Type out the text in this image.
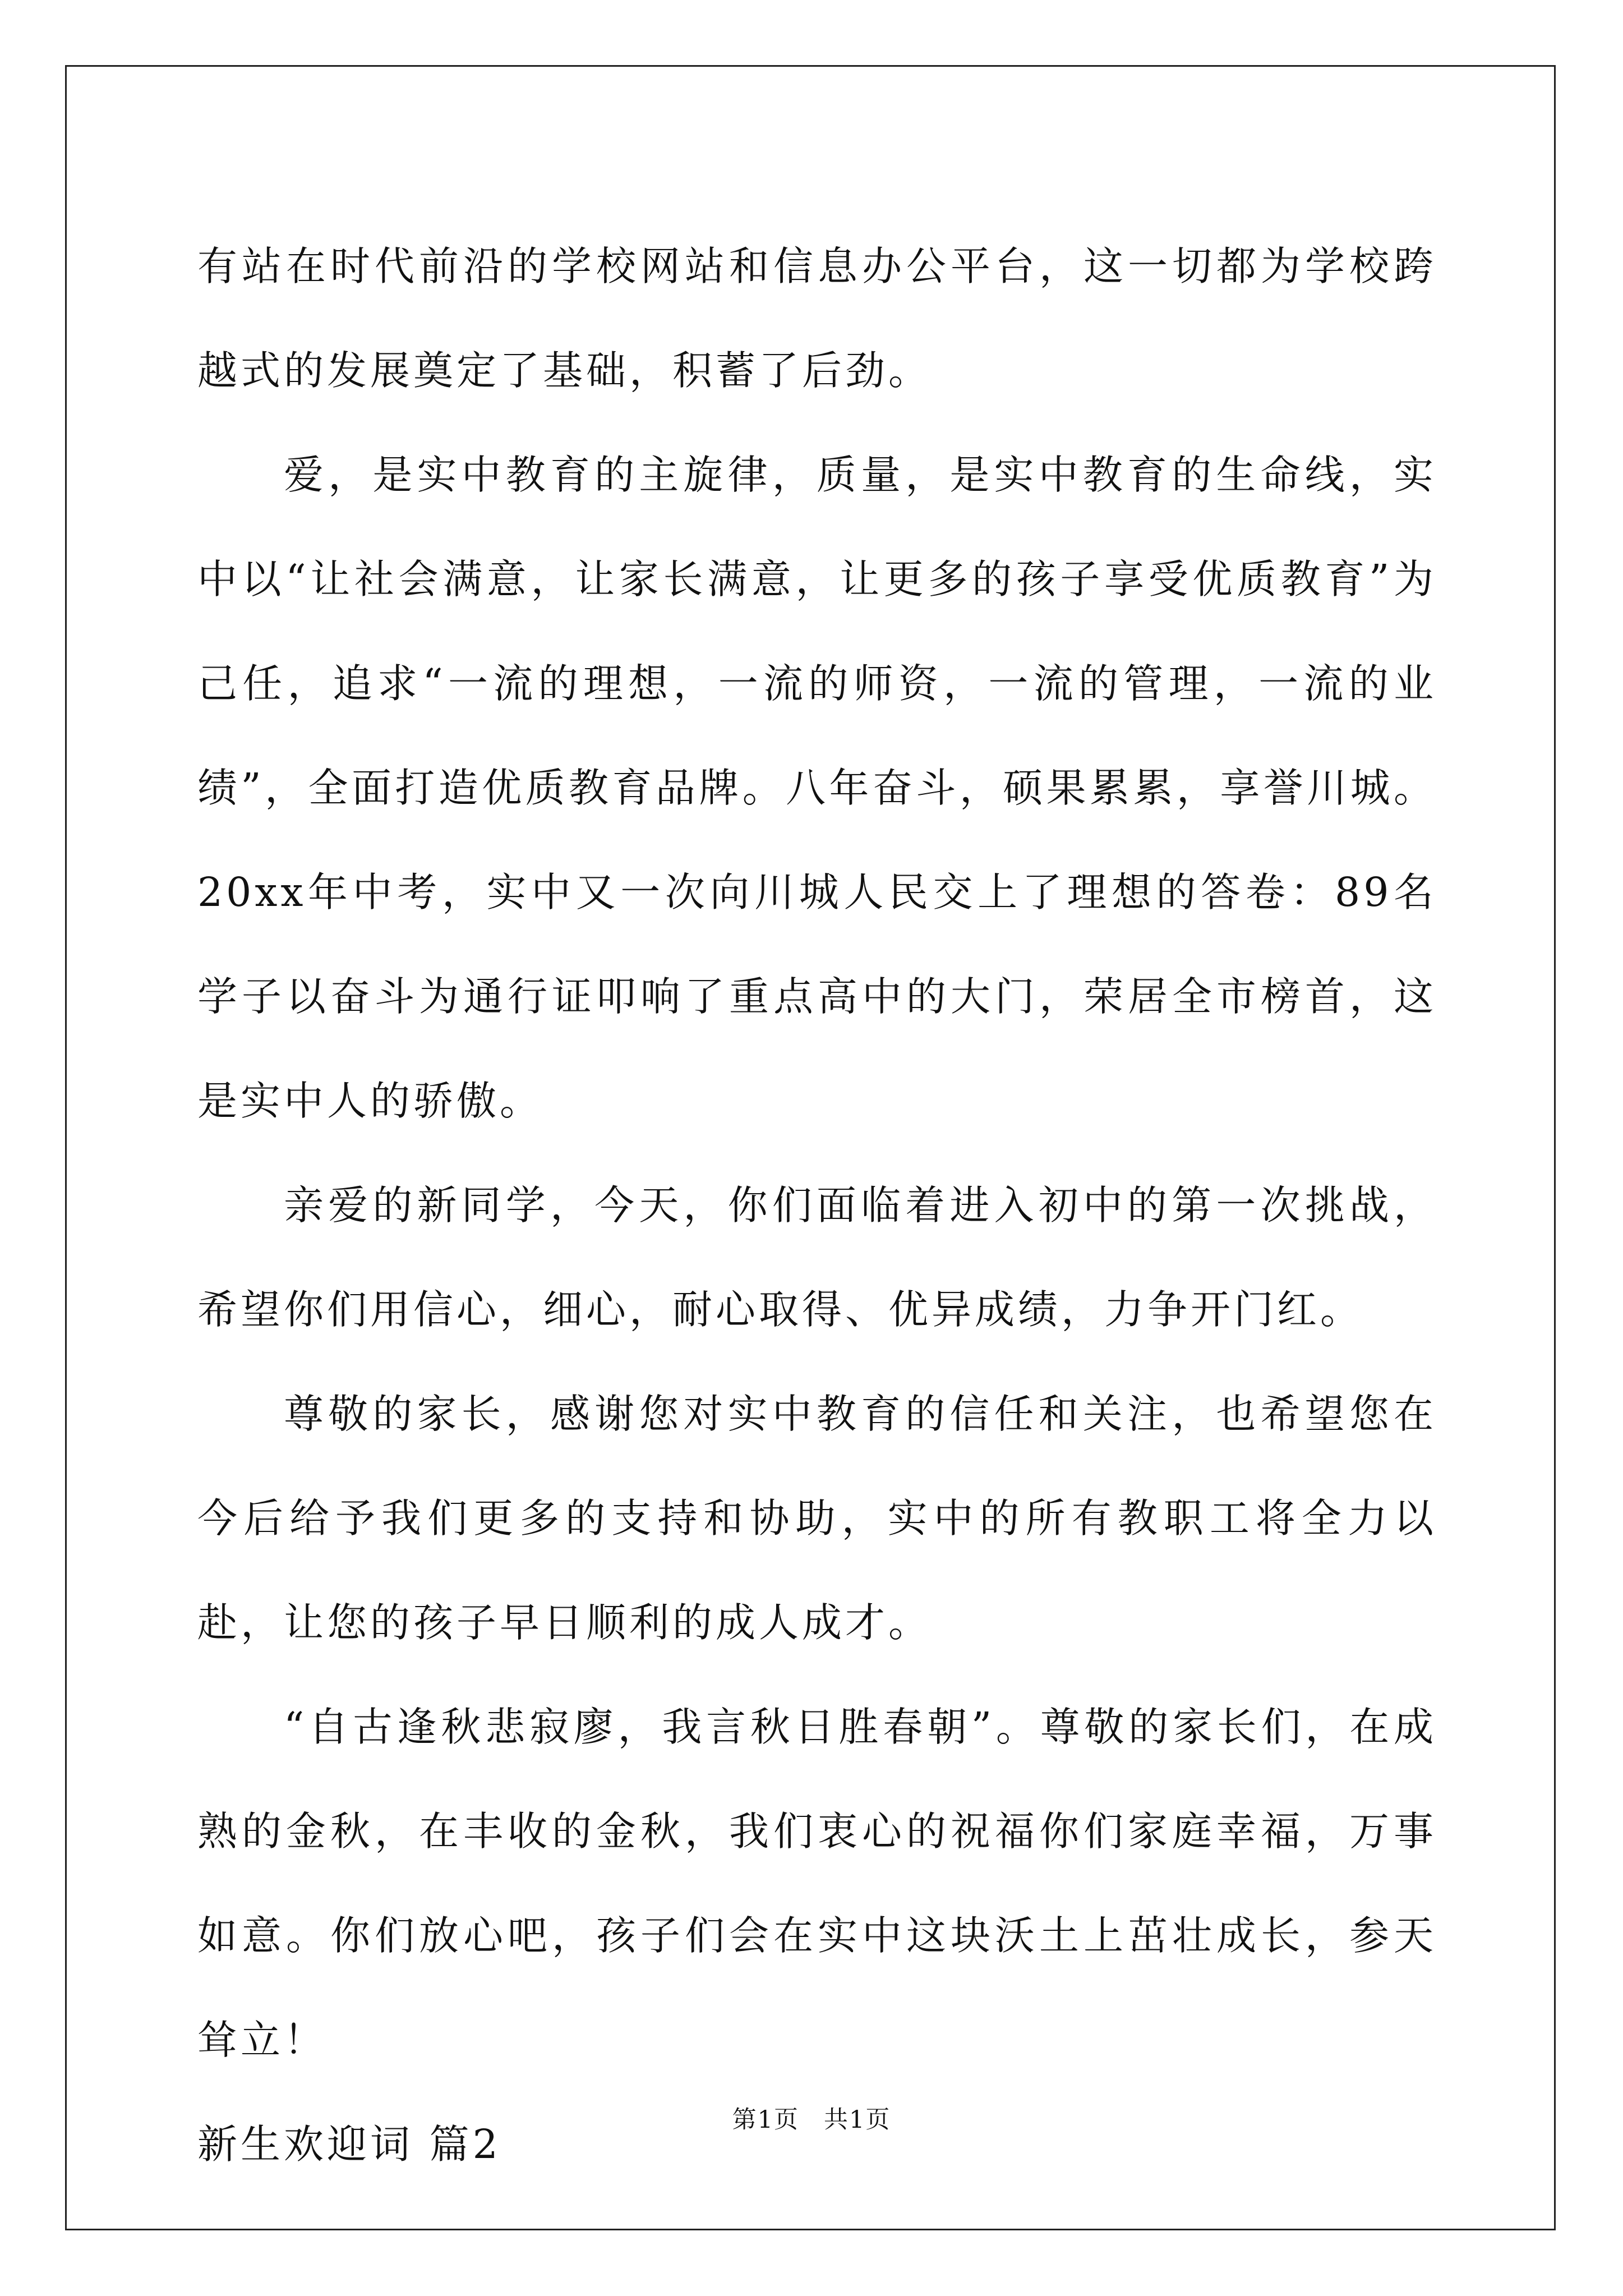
有站在时代前沿的学校网站和信息办公平台，这一切都为学校跨越式的发展奠定了基础，积蓄了后劲。

爱，是实中教育的主旋律，质量，是实中教育的生命线，实中以“让社会满意，让家长满意，让更多的孩子享受优质教育”为己任，追求“一流的理想，一流的师资，一流的管理，一流的业绩”，全面打造优质教育品牌。八年奋斗，硕果累累，享誉川城。20xx年中考，实中又一次向川城人民交上了理想的答卷：89名学子以奋斗为通行证叩响了重点高中的大门，荣居全市榜首，这是实中人的骄傲。

亲爱的新同学，今天，你们面临着进入初中的第一次挑战，希望你们用信心，细心，耐心取得、优异成绩，力争开门红。

尊敬的家长，感谢您对实中教育的信任和关注，也希望您在今后给予我们更多的支持和协助，实中的所有教职工将全力以赴，让您的孩子早日顺利的成人成才。

“自古逢秋悲寂廖，我言秋日胜春朝”。尊敬的家长们，在成熟的金秋，在丰收的金秋，我们衷心的祝福你们家庭幸福，万事如意。你们放心吧，孩子们会在实中这块沃土上茁壮成长，参天耸立！

新生欢迎词 篇2

第1页 共1页
